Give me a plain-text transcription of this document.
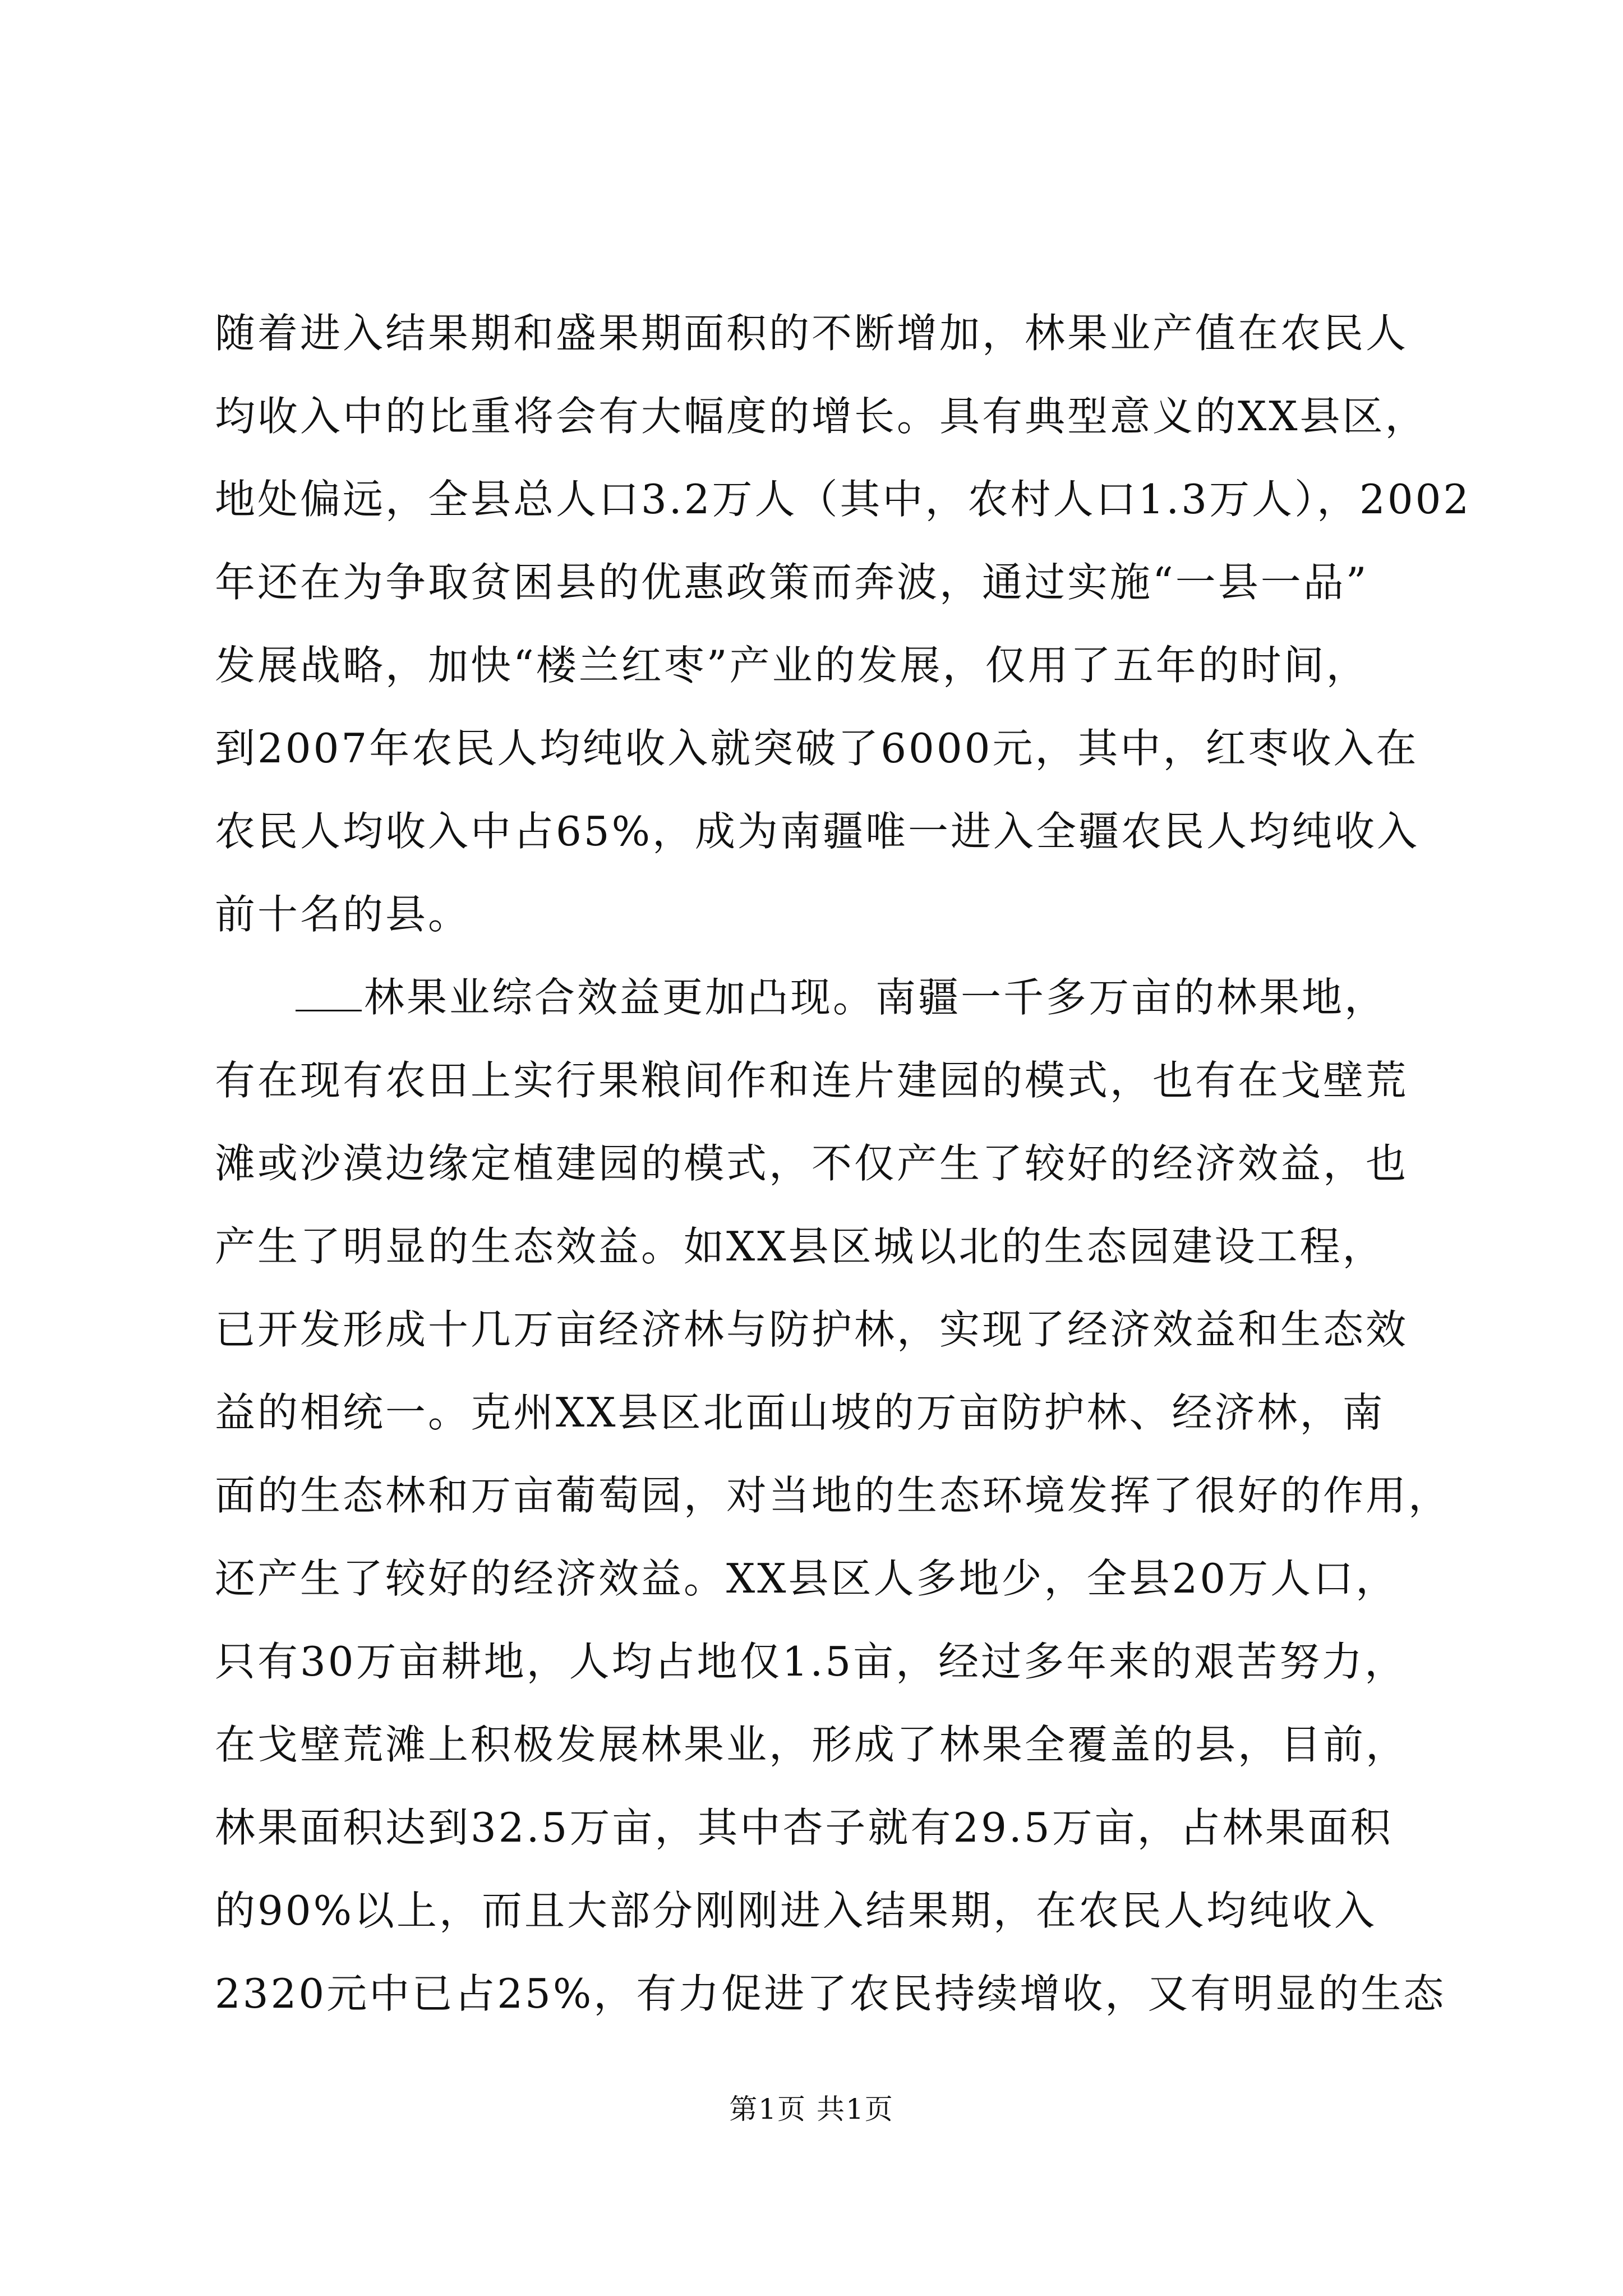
随着进入结果期和盛果期面积的不断增加，林果业产值在农民人
均收入中的比重将会有大幅度的增长。具有典型意义的XX县区，
地处偏远，全县总人口3.2万人（其中，农村人口1.3万人），2002
年还在为争取贫困县的优惠政策而奔波，通过实施“一县一品”
发展战略，加快“楼兰红枣”产业的发展，仅用了五年的时间，
到2007年农民人均纯收入就突破了6000元，其中，红枣收入在
农民人均收入中占65%，成为南疆唯一进入全疆农民人均纯收入
前十名的县。
林果业综合效益更加凸现。南疆一千多万亩的林果地，
有在现有农田上实行果粮间作和连片建园的模式，也有在戈壁荒
滩或沙漠边缘定植建园的模式，不仅产生了较好的经济效益，也
产生了明显的生态效益。如XX县区城以北的生态园建设工程，
已开发形成十几万亩经济林与防护林，实现了经济效益和生态效
益的相统一。克州XX县区北面山坡的万亩防护林、经济林，南
面的生态林和万亩葡萄园，对当地的生态环境发挥了很好的作用，
还产生了较好的经济效益。XX县区人多地少，全县20万人口，
只有30万亩耕地，人均占地仅1.5亩，经过多年来的艰苦努力，
在戈壁荒滩上积极发展林果业，形成了林果全覆盖的县，目前，
林果面积达到32.5万亩，其中杏子就有29.5万亩，占林果面积
的90%以上，而且大部分刚刚进入结果期，在农民人均纯收入
2320元中已占25%，有力促进了农民持续增收，又有明显的生态
第1页 共1页
